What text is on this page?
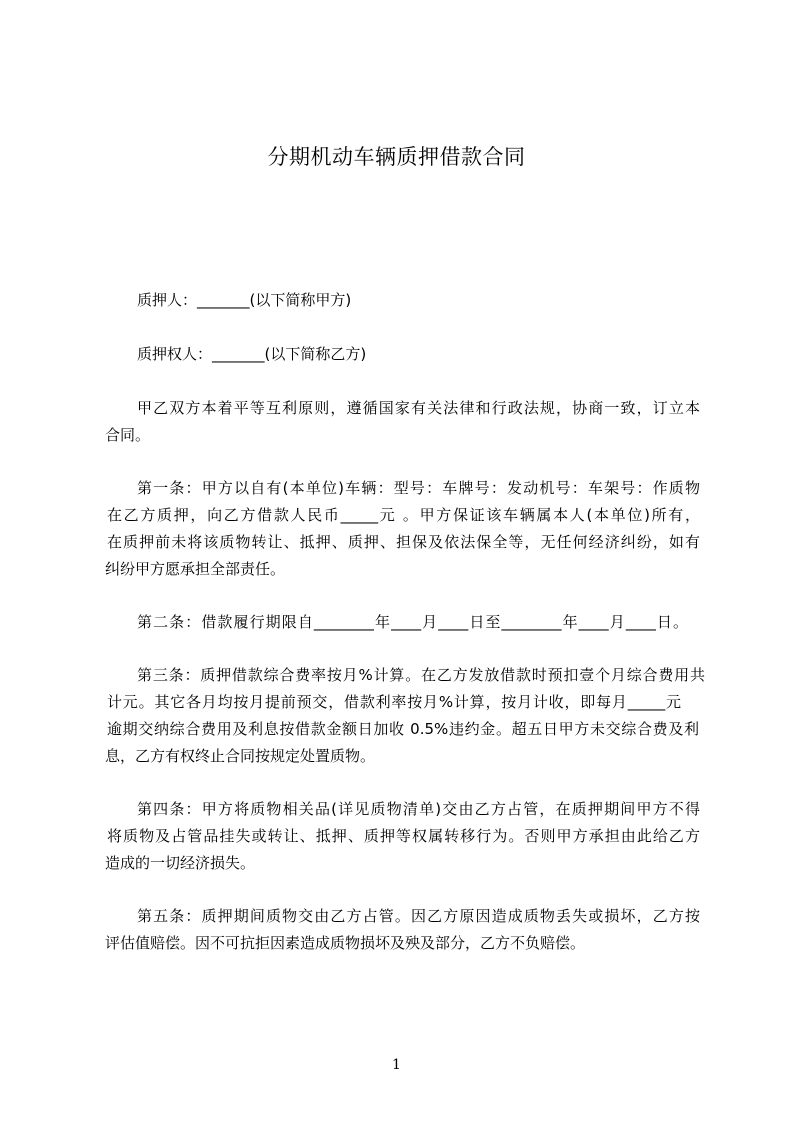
分期机动车辆质押借款合同
质押人：_______(以下简称甲方)
质押权人：_______(以下简称乙方)
甲乙双方本着平等互利原则，遵循国家有关法律和行政法规，协商一致，订立本
合同。
第一条：甲方以自有(本单位)车辆：型号：车牌号：发动机号：车架号：作质物
在乙方质押，向乙方借款人民币_____元 。甲方保证该车辆属本人(本单位)所有，
在质押前未将该质物转让、抵押、质押、担保及依法保全等，无任何经济纠纷，如有
纠纷甲方愿承担全部责任。
第二条：借款履行期限自________年____月____日至________年____月____日。
第三条：质押借款综合费率按月%计算。在乙方发放借款时预扣壹个月综合费用共
计元。其它各月均按月提前预交，借款利率按月%计算，按月计收，即每月_____元
逾期交纳综合费用及利息按借款金额日加收 0.5%违约金。超五日甲方未交综合费及利
息，乙方有权终止合同按规定处置质物。
第四条：甲方将质物相关品(详见质物清单)交由乙方占管，在质押期间甲方不得
将质物及占管品挂失或转让、抵押、质押等权属转移行为。否则甲方承担由此给乙方
造成的一切经济损失。
第五条：质押期间质物交由乙方占管。因乙方原因造成质物丢失或损坏，乙方按
评估值赔偿。因不可抗拒因素造成质物损坏及殃及部分，乙方不负赔偿。
1
